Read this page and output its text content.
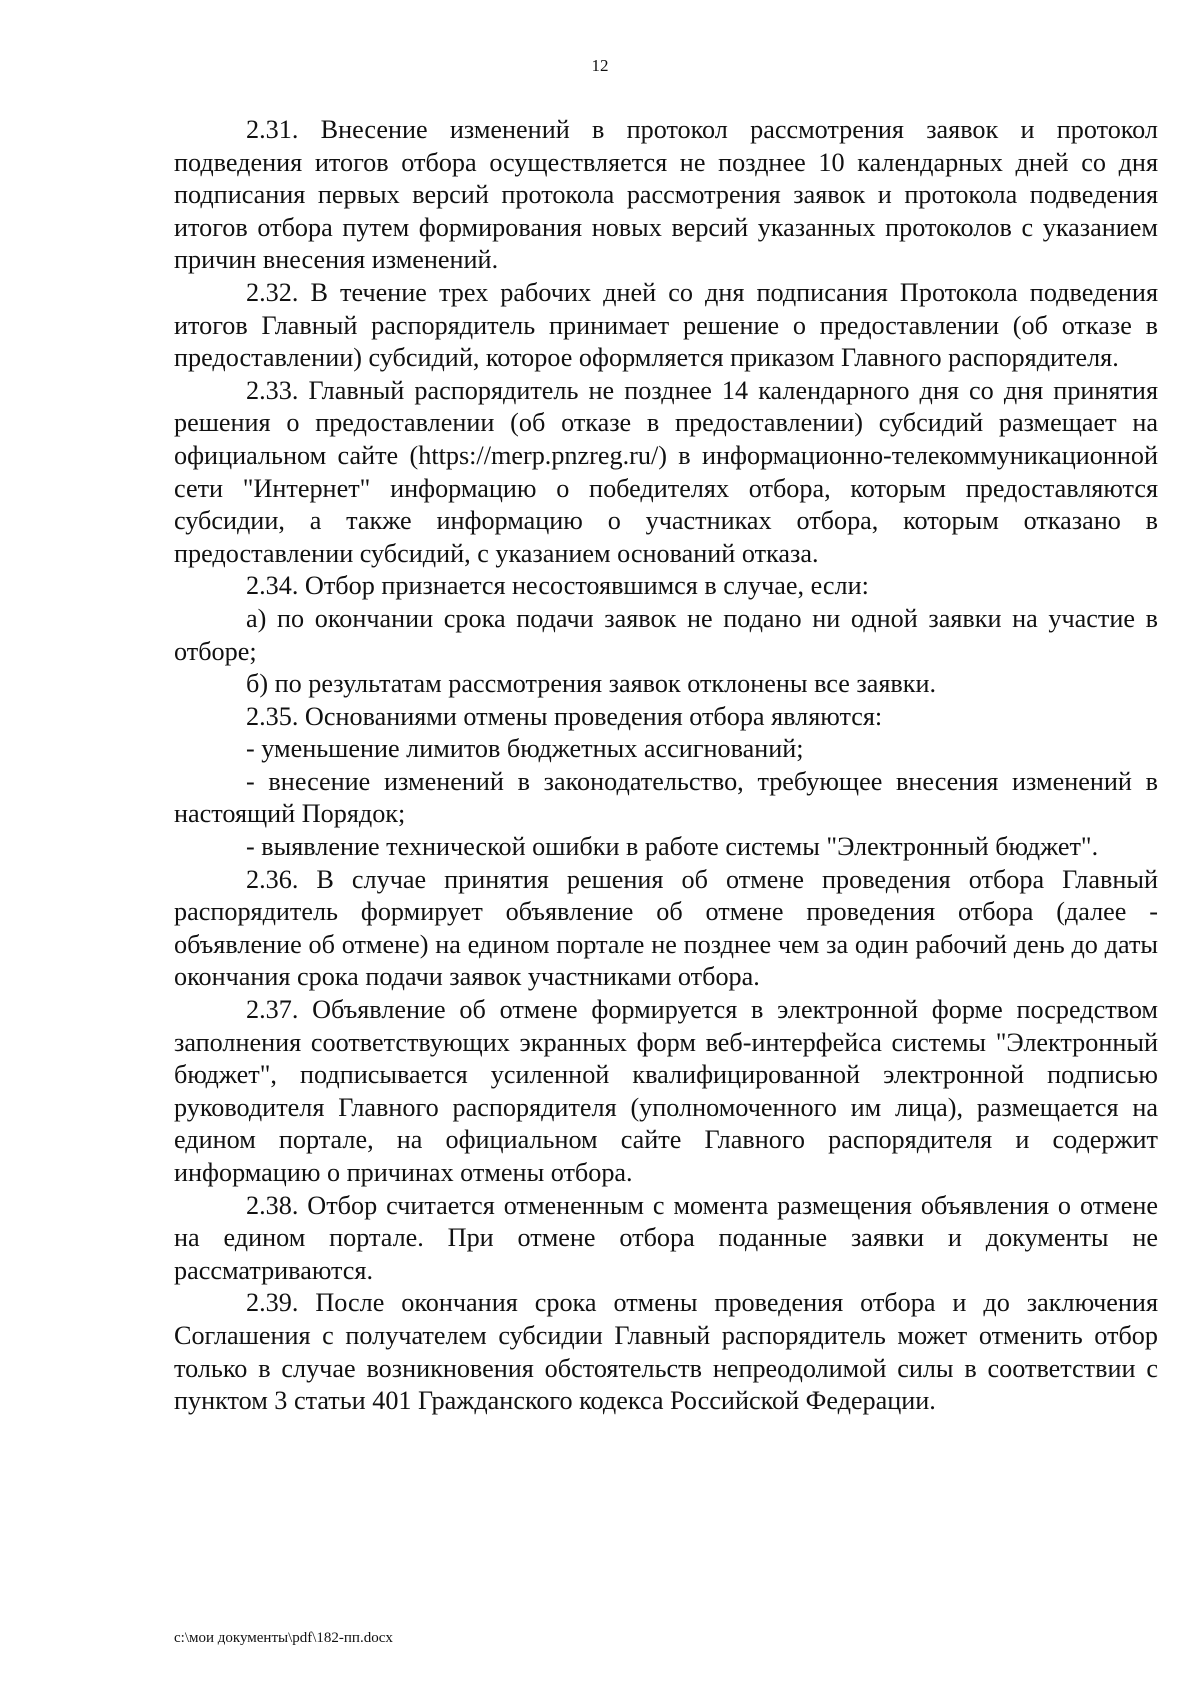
12

2.31. Внесение изменений в протокол рассмотрения заявок и протокол подведения итогов отбора осуществляется не позднее 10 календарных дней со дня подписания первых версий протокола рассмотрения заявок и протокола подведения итогов отбора путем формирования новых версий указанных протоколов с указанием причин внесения изменений.

2.32. В течение трех рабочих дней со дня подписания Протокола подведения итогов Главный распорядитель принимает решение о предоставлении (об отказе в предоставлении) субсидий, которое оформляется приказом Главного распорядителя.

2.33. Главный распорядитель не позднее 14 календарного дня со дня принятия решения о предоставлении (об отказе в предоставлении) субсидий размещает на официальном сайте (https://merp.pnzreg.ru/) в информационно-телекоммуникационной сети "Интернет" информацию о победителях отбора, которым предоставляются субсидии, а также информацию о участниках отбора, которым отказано в предоставлении субсидий, с указанием оснований отказа.

2.34. Отбор признается несостоявшимся в случае, если:

а) по окончании срока подачи заявок не подано ни одной заявки на участие в отборе;

б) по результатам рассмотрения заявок отклонены все заявки.

2.35. Основаниями отмены проведения отбора являются:

- уменьшение лимитов бюджетных ассигнований;

- внесение изменений в законодательство, требующее внесения изменений в настоящий Порядок;

- выявление технической ошибки в работе системы "Электронный бюджет".

2.36. В случае принятия решения об отмене проведения отбора Главный распорядитель формирует объявление об отмене проведения отбора (далее - объявление об отмене) на едином портале не позднее чем за один рабочий день до даты окончания срока подачи заявок участниками отбора.

2.37. Объявление об отмене формируется в электронной форме посредством заполнения соответствующих экранных форм веб-интерфейса системы "Электронный бюджет", подписывается усиленной квалифицированной электронной подписью руководителя Главного распорядителя (уполномоченного им лица), размещается на едином портале, на официальном сайте Главного распорядителя и содержит информацию о причинах отмены отбора.

2.38. Отбор считается отмененным с момента размещения объявления о отмене на едином портале. При отмене отбора поданные заявки и документы не рассматриваются.

2.39. После окончания срока отмены проведения отбора и до заключения Соглашения с получателем субсидии Главный распорядитель может отменить отбор только в случае возникновения обстоятельств непреодолимой силы в соответствии с пунктом 3 статьи 401 Гражданского кодекса Российской Федерации.

c:\мои документы\pdf\182-пп.docx
